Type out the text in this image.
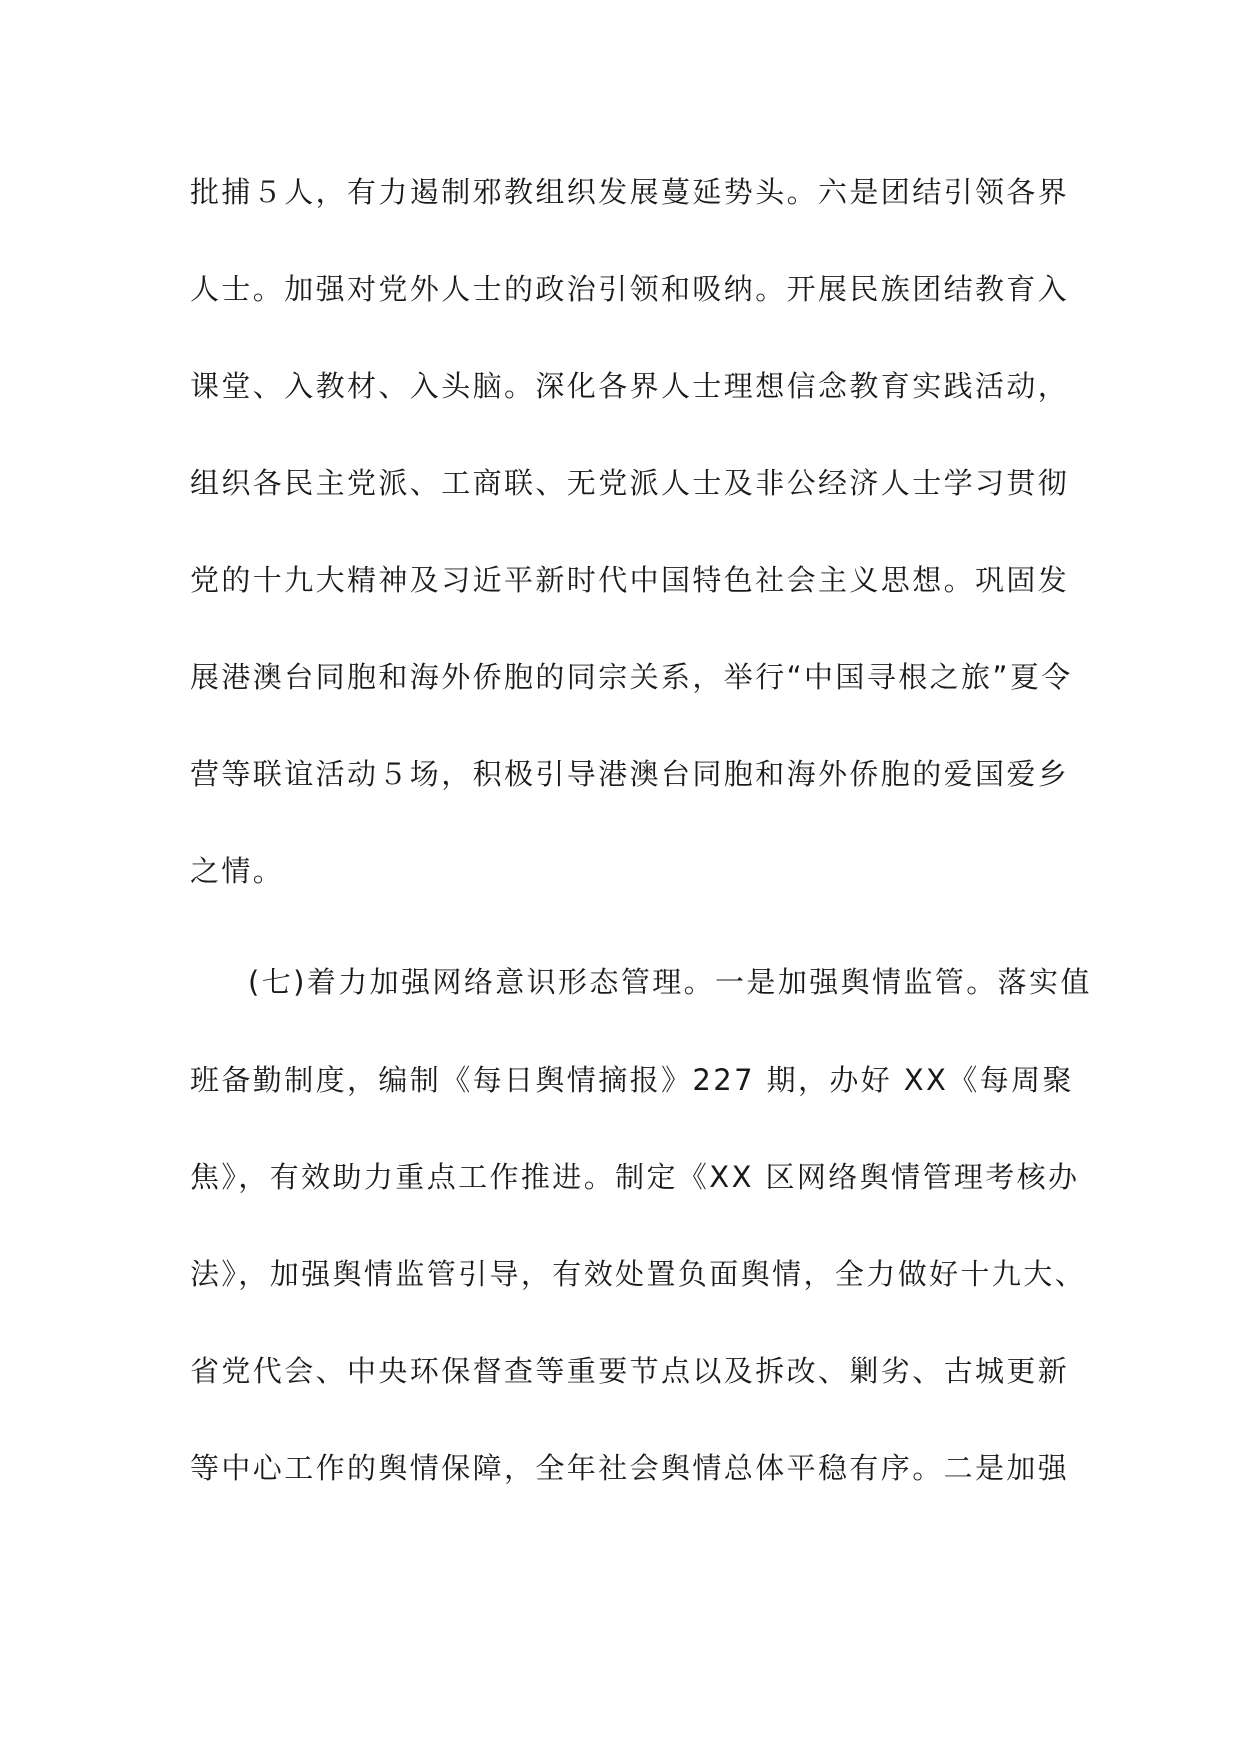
批捕５人，有力遏制邪教组织发展蔓延势头。六是团结引领各界
人士。加强对党外人士的政治引领和吸纳。开展民族团结教育入
课堂、入教材、入头脑。深化各界人士理想信念教育实践活动，
组织各民主党派、工商联、无党派人士及非公经济人士学习贯彻
党的十九大精神及习近平新时代中国特色社会主义思想。巩固发
展港澳台同胞和海外侨胞的同宗关系，举行“中国寻根之旅”夏令
营等联谊活动５场，积极引导港澳台同胞和海外侨胞的爱国爱乡
之情。
(七)着力加强网络意识形态管理。一是加强舆情监管。落实值
班备勤制度，编制《每日舆情摘报》227 期，办好 XX《每周聚
焦》，有效助力重点工作推进。制定《XX 区网络舆情管理考核办
法》，加强舆情监管引导，有效处置负面舆情，全力做好十九大、
省党代会、中央环保督查等重要节点以及拆改、剿劣、古城更新
等中心工作的舆情保障，全年社会舆情总体平稳有序。二是加强
